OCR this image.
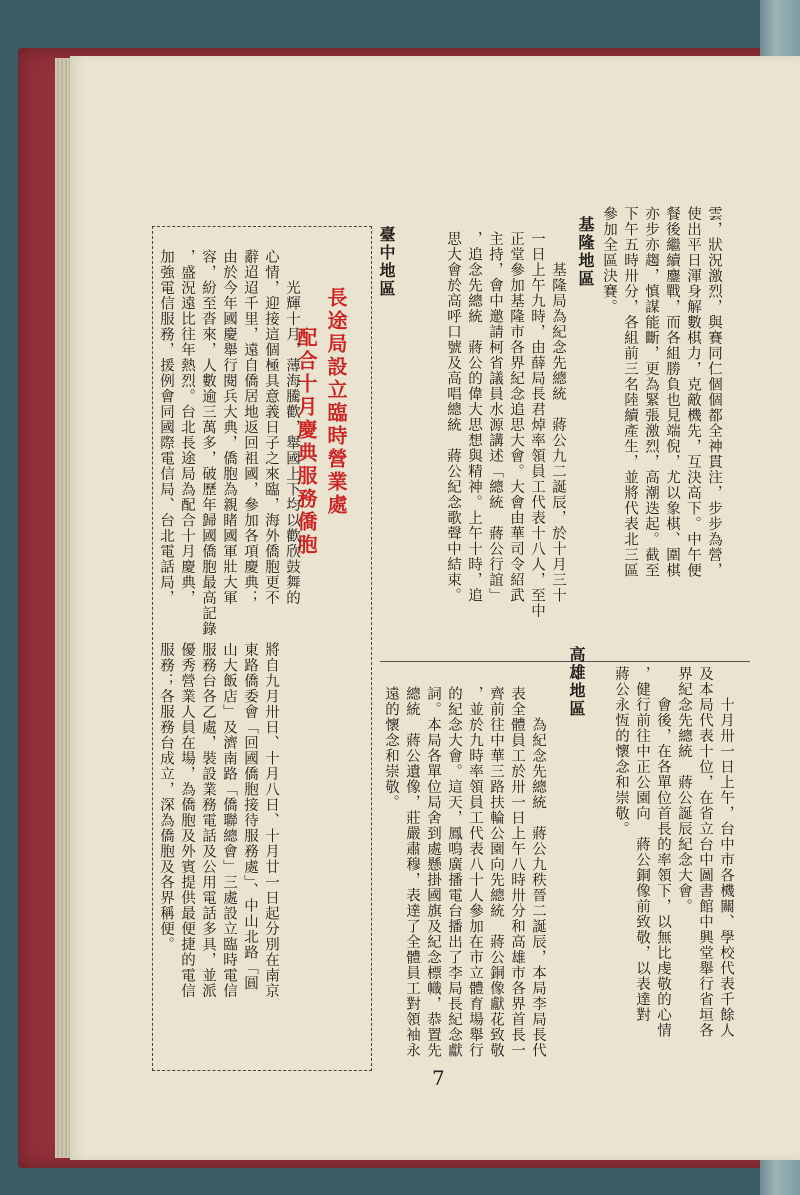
雲，狀況激烈，與賽同仁個個都全神貫注，步步為營，
使出平日渾身解數棋力，克敵機先，互決高下。中午便
餐後繼續鏖戰，而各組勝負也見端倪，尤以象棋、圍棋
亦步亦趨，慎謀能斷，更為緊張激烈，高潮迭起。截至
下午五時卅分，各組前三名陸續產生，並將代表北三區
參加全區決賽。
基隆地區
　　基隆局為紀念先總統　蔣公九二誕辰，於十月三十
一日上午九時，由薛局長君焯率領員工代表十八人，至中
正堂參加基隆市各界紀念追思大會。大會由華司令紹武
主持，會中邀請柯省議員水源講述「總統　蔣公行誼」
，追念先總統　蔣公的偉大思想與精神。上午十時，追
思大會於高呼口號及高唱總統　蔣公紀念歌聲中結束。
臺中地區
　　十月卅一日上午，台中市各機關、學校代表千餘人
及本局代表十位，在省立台中圖書館中興堂舉行省垣各
界紀念先總統　蔣公誕辰紀念大會。
　　會後，在各單位首長的率領下，以無比虔敬的心情
，健行前往中正公園向　蔣公銅像前致敬，以表達對
蔣公永恆的懷念和崇敬。
高雄地區
　　為紀念先總統　蔣公九秩晉二誕辰，本局李局長代
表全體員工於卅一日上午八時卅分和高雄市各界首長一
齊前往中華三路扶輪公園向先總統　蔣公銅像獻花致敬
，並於九時率領員工代表八十人參加在市立體育場舉行
的紀念大會。這天，鳳鳴廣播電台播出了李局長紀念獻
詞。本局各單位局舍到處懸掛國旗及紀念標幟，恭置先
總統　蔣公遺像，莊嚴肅穆，表達了全體員工對領袖永
遠的懷念和崇敬。
長途局設立臨時營業處
配合十月慶典服務僑胞
　　光輝十月，薄海騰歡，舉國上下均以歡欣鼓舞的
心情，迎接這個極具意義日子之來臨，海外僑胞更不
辭迢迢千里，遠自僑居地返回祖國，參加各項慶典；
由於今年國慶舉行閱兵大典，僑胞為親睹國軍壯大軍
容，紛至沓來，人數逾三萬多，破歷年歸國僑胞最高記錄
，盛況遠比往年熱烈。台北長途局為配合十月慶典，
加強電信服務，援例會同國際電信局、台北電話局，
將自九月卅日、十月八日、十月廿一日起分別在南京
東路僑委會「回國僑胞接待服務處」、中山北路「圓
山大飯店」及濟南路「僑聯總會」三處設立臨時電信
服務台各乙處，裝設業務電話及公用電話多具，並派
優秀營業人員在場，為僑胞及外賓提供最便捷的電信
服務；各服務台成立，深為僑胞及各界稱便。
7
